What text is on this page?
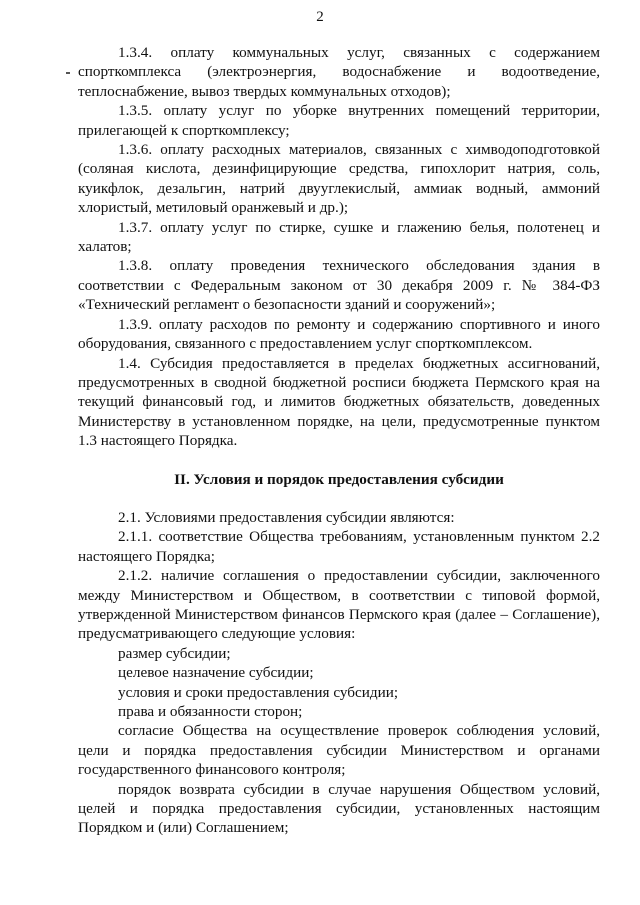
2

1.3.4. оплату коммунальных услуг, связанных с содержанием спорткомплекса (электроэнергия, водоснабжение и водоотведение, теплоснабжение, вывоз твердых коммунальных отходов);

1.3.5. оплату услуг по уборке внутренних помещений территории, прилегающей к спорткомплексу;

1.3.6. оплату расходных материалов, связанных с химводоподготовкой (соляная кислота, дезинфицирующие средства, гипохлорит натрия, соль, куикфлок, дезальгин, натрий двууглекислый, аммиак водный, аммоний хлористый, метиловый оранжевый и др.);

1.3.7. оплату услуг по стирке, сушке и глажению белья, полотенец и халатов;

1.3.8. оплату проведения технического обследования здания в соответствии с Федеральным законом от 30 декабря 2009 г. № 384-ФЗ «Технический регламент о безопасности зданий и сооружений»;

1.3.9. оплату расходов по ремонту и содержанию спортивного и иного оборудования, связанного с предоставлением услуг спорткомплексом.

1.4. Субсидия предоставляется в пределах бюджетных ассигнований, предусмотренных в сводной бюджетной росписи бюджета Пермского края на текущий финансовый год, и лимитов бюджетных обязательств, доведенных Министерству в установленном порядке, на цели, предусмотренные пунктом 1.3 настоящего Порядка.

II. Условия и порядок предоставления субсидии

2.1. Условиями предоставления субсидии являются:

2.1.1. соответствие Общества требованиям, установленным пунктом 2.2 настоящего Порядка;

2.1.2. наличие соглашения о предоставлении субсидии, заключенного между Министерством и Обществом, в соответствии с типовой формой, утвержденной Министерством финансов Пермского края (далее – Соглашение), предусматривающего следующие условия:

размер субсидии;

целевое назначение субсидии;

условия и сроки предоставления субсидии;

права и обязанности сторон;

согласие Общества на осуществление проверок соблюдения условий, цели и порядка предоставления субсидии Министерством и органами государственного финансового контроля;

порядок возврата субсидии в случае нарушения Обществом условий, целей и порядка предоставления субсидии, установленных настоящим Порядком и (или) Соглашением;
